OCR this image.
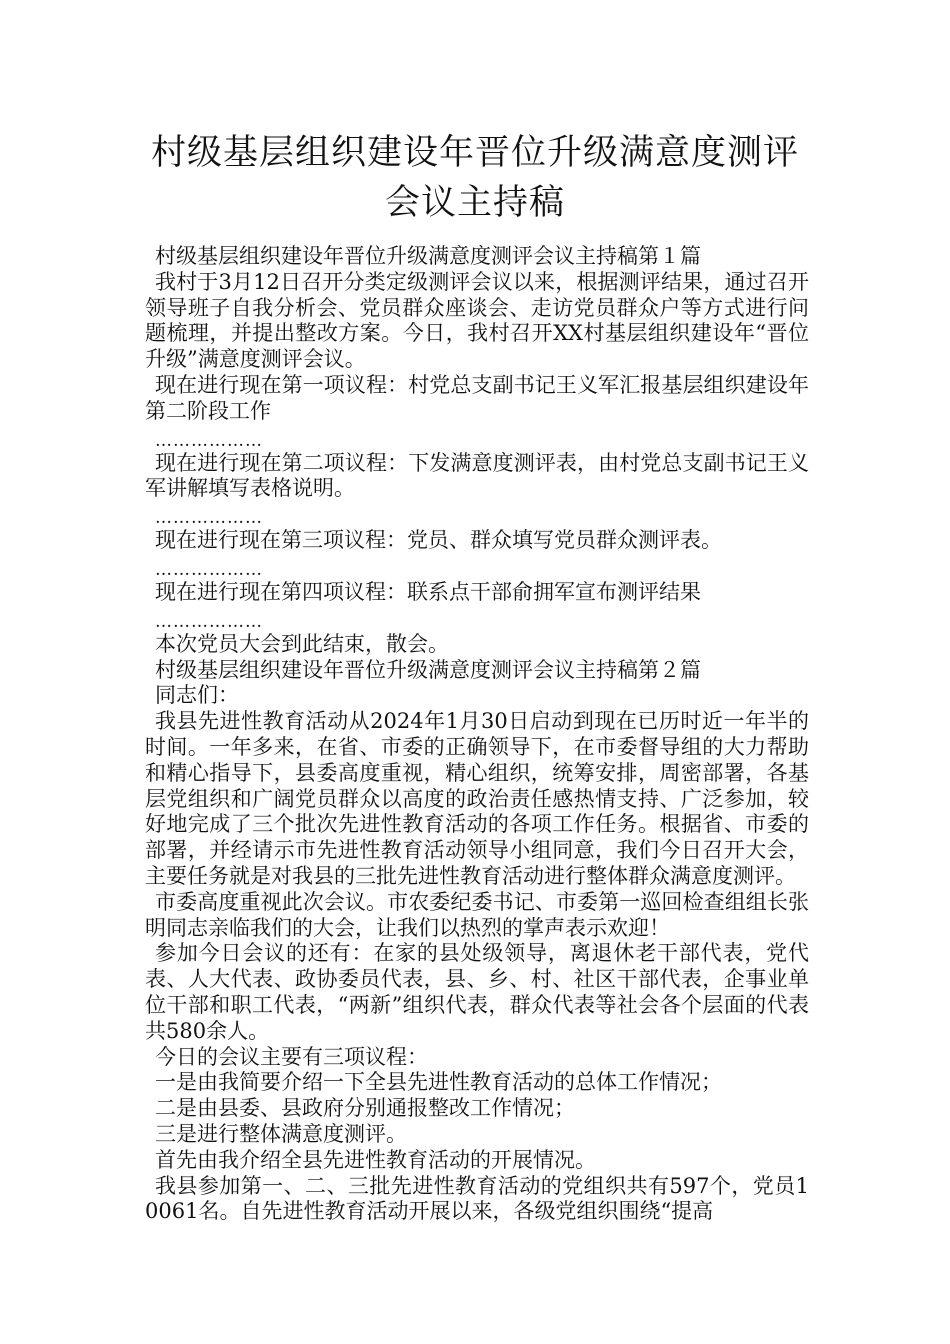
村级基层组织建设年晋位升级满意度测评会议主持稿

村级基层组织建设年晋位升级满意度测评会议主持稿第１篇

我村于3月12日召开分类定级测评会议以来，根据测评结果，通过召开领导班子自我分析会、党员群众座谈会、走访党员群众户等方式进行问题梳理，并提出整改方案。今日，我村召开XX村基层组织建设年“晋位升级”满意度测评会议。

现在进行现在第一项议程：村党总支副书记王义军汇报基层组织建设年第二阶段工作

………………

现在进行现在第二项议程：下发满意度测评表，由村党总支副书记王义军讲解填写表格说明。

………………

现在进行现在第三项议程：党员、群众填写党员群众测评表。

………………

现在进行现在第四项议程：联系点干部俞拥军宣布测评结果

………………

本次党员大会到此结束，散会。

村级基层组织建设年晋位升级满意度测评会议主持稿第２篇

同志们：

我县先进性教育活动从2024年1月30日启动到现在已历时近一年半的时间。一年多来，在省、市委的正确领导下，在市委督导组的大力帮助和精心指导下，县委高度重视，精心组织，统筹安排，周密部署，各基层党组织和广阔党员群众以高度的政治责任感热情支持、广泛参加，较好地完成了三个批次先进性教育活动的各项工作任务。根据省、市委的部署，并经请示市先进性教育活动领导小组同意，我们今日召开大会，主要任务就是对我县的三批先进性教育活动进行整体群众满意度测评。

市委高度重视此次会议。市农委纪委书记、市委第一巡回检查组组长张明同志亲临我们的大会，让我们以热烈的掌声表示欢迎！

参加今日会议的还有：在家的县处级领导，离退休老干部代表，党代表、人大代表、政协委员代表，县、乡、村、社区干部代表，企事业单位干部和职工代表，“两新”组织代表，群众代表等社会各个层面的代表共580余人。

今日的会议主要有三项议程：

一是由我简要介绍一下全县先进性教育活动的总体工作情况；

二是由县委、县政府分别通报整改工作情况；

三是进行整体满意度测评。

首先由我介绍全县先进性教育活动的开展情况。

我县参加第一、二、三批先进性教育活动的党组织共有597个，党员10061名。自先进性教育活动开展以来，各级党组织围绕“提高
